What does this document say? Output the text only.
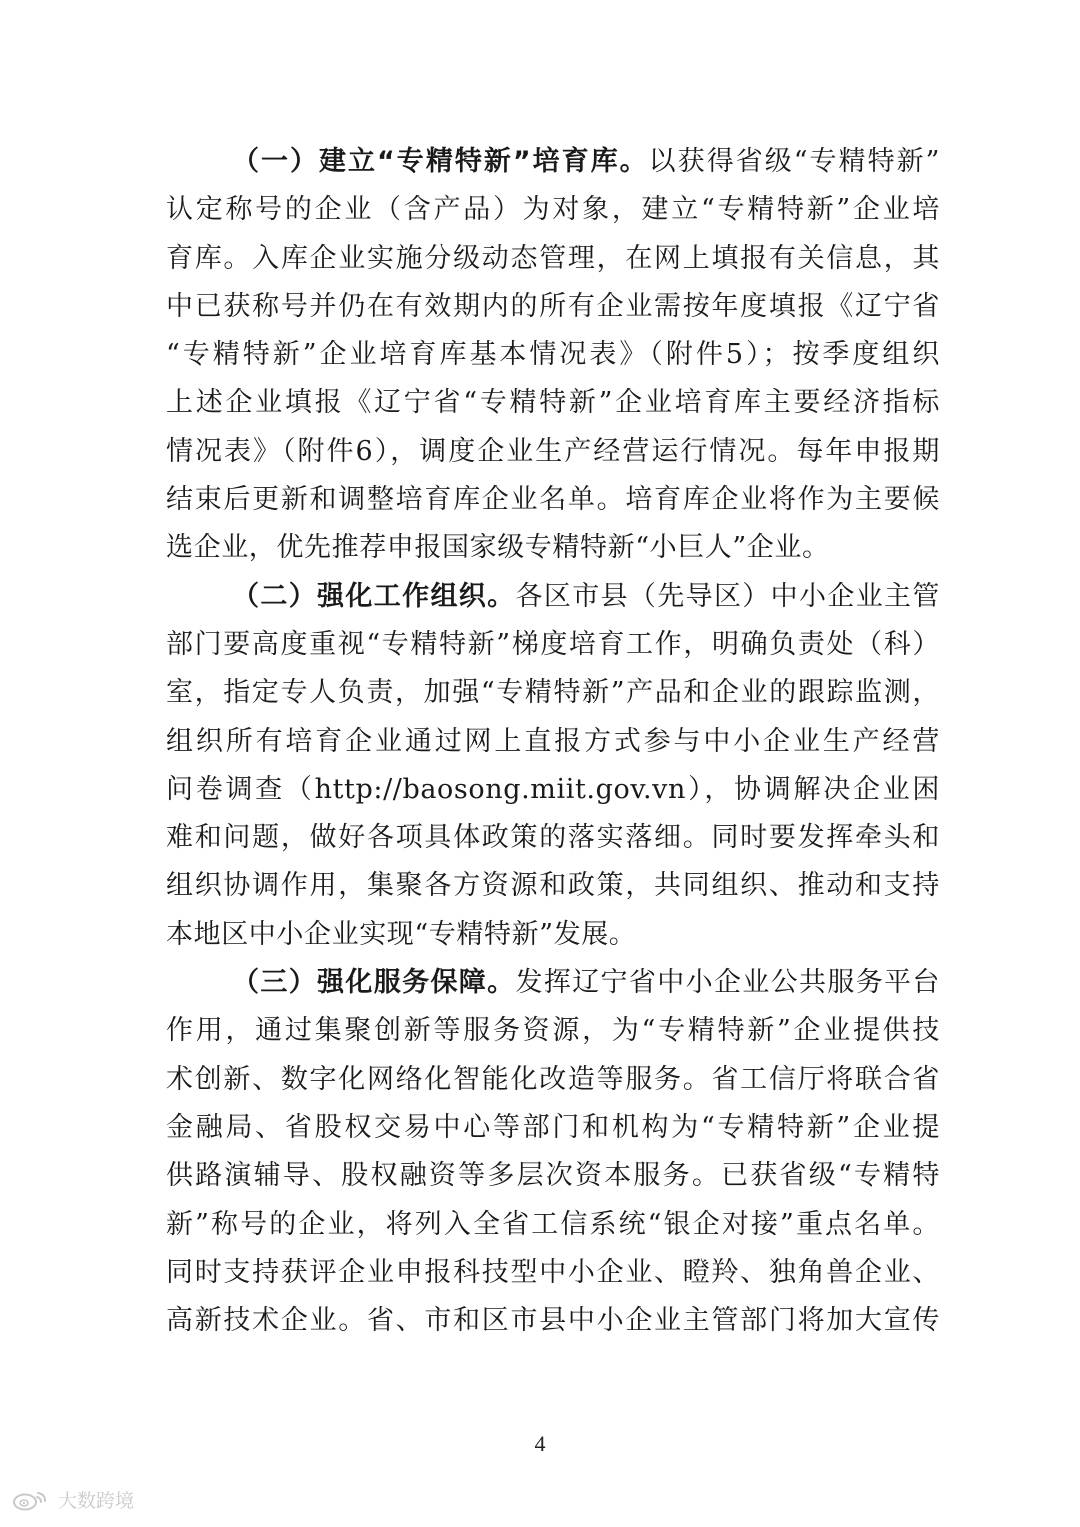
（一）建立“专精特新”培育库。以获得省级“专精特新”
认定称号的企业（含产品）为对象，建立“专精特新”企业培
育库。入库企业实施分级动态管理，在网上填报有关信息，其
中已获称号并仍在有效期内的所有企业需按年度填报《辽宁省
“专精特新”企业培育库基本情况表》（附件5）；按季度组织
上述企业填报《辽宁省“专精特新”企业培育库主要经济指标
情况表》（附件6），调度企业生产经营运行情况。每年申报期
结束后更新和调整培育库企业名单。培育库企业将作为主要候
选企业，优先推荐申报国家级专精特新“小巨人”企业。
（二）强化工作组织。各区市县（先导区）中小企业主管
部门要高度重视“专精特新”梯度培育工作，明确负责处（科）
室，指定专人负责，加强“专精特新”产品和企业的跟踪监测，
组织所有培育企业通过网上直报方式参与中小企业生产经营
问卷调查（http://baosong.miit.gov.vn），协调解决企业困
难和问题，做好各项具体政策的落实落细。同时要发挥牵头和
组织协调作用，集聚各方资源和政策，共同组织、推动和支持
本地区中小企业实现“专精特新”发展。
（三）强化服务保障。发挥辽宁省中小企业公共服务平台
作用，通过集聚创新等服务资源，为“专精特新”企业提供技
术创新、数字化网络化智能化改造等服务。省工信厅将联合省
金融局、省股权交易中心等部门和机构为“专精特新”企业提
供路演辅导、股权融资等多层次资本服务。已获省级“专精特
新”称号的企业，将列入全省工信系统“银企对接”重点名单。
同时支持获评企业申报科技型中小企业、瞪羚、独角兽企业、
高新技术企业。省、市和区市县中小企业主管部门将加大宣传
4
大数跨境
